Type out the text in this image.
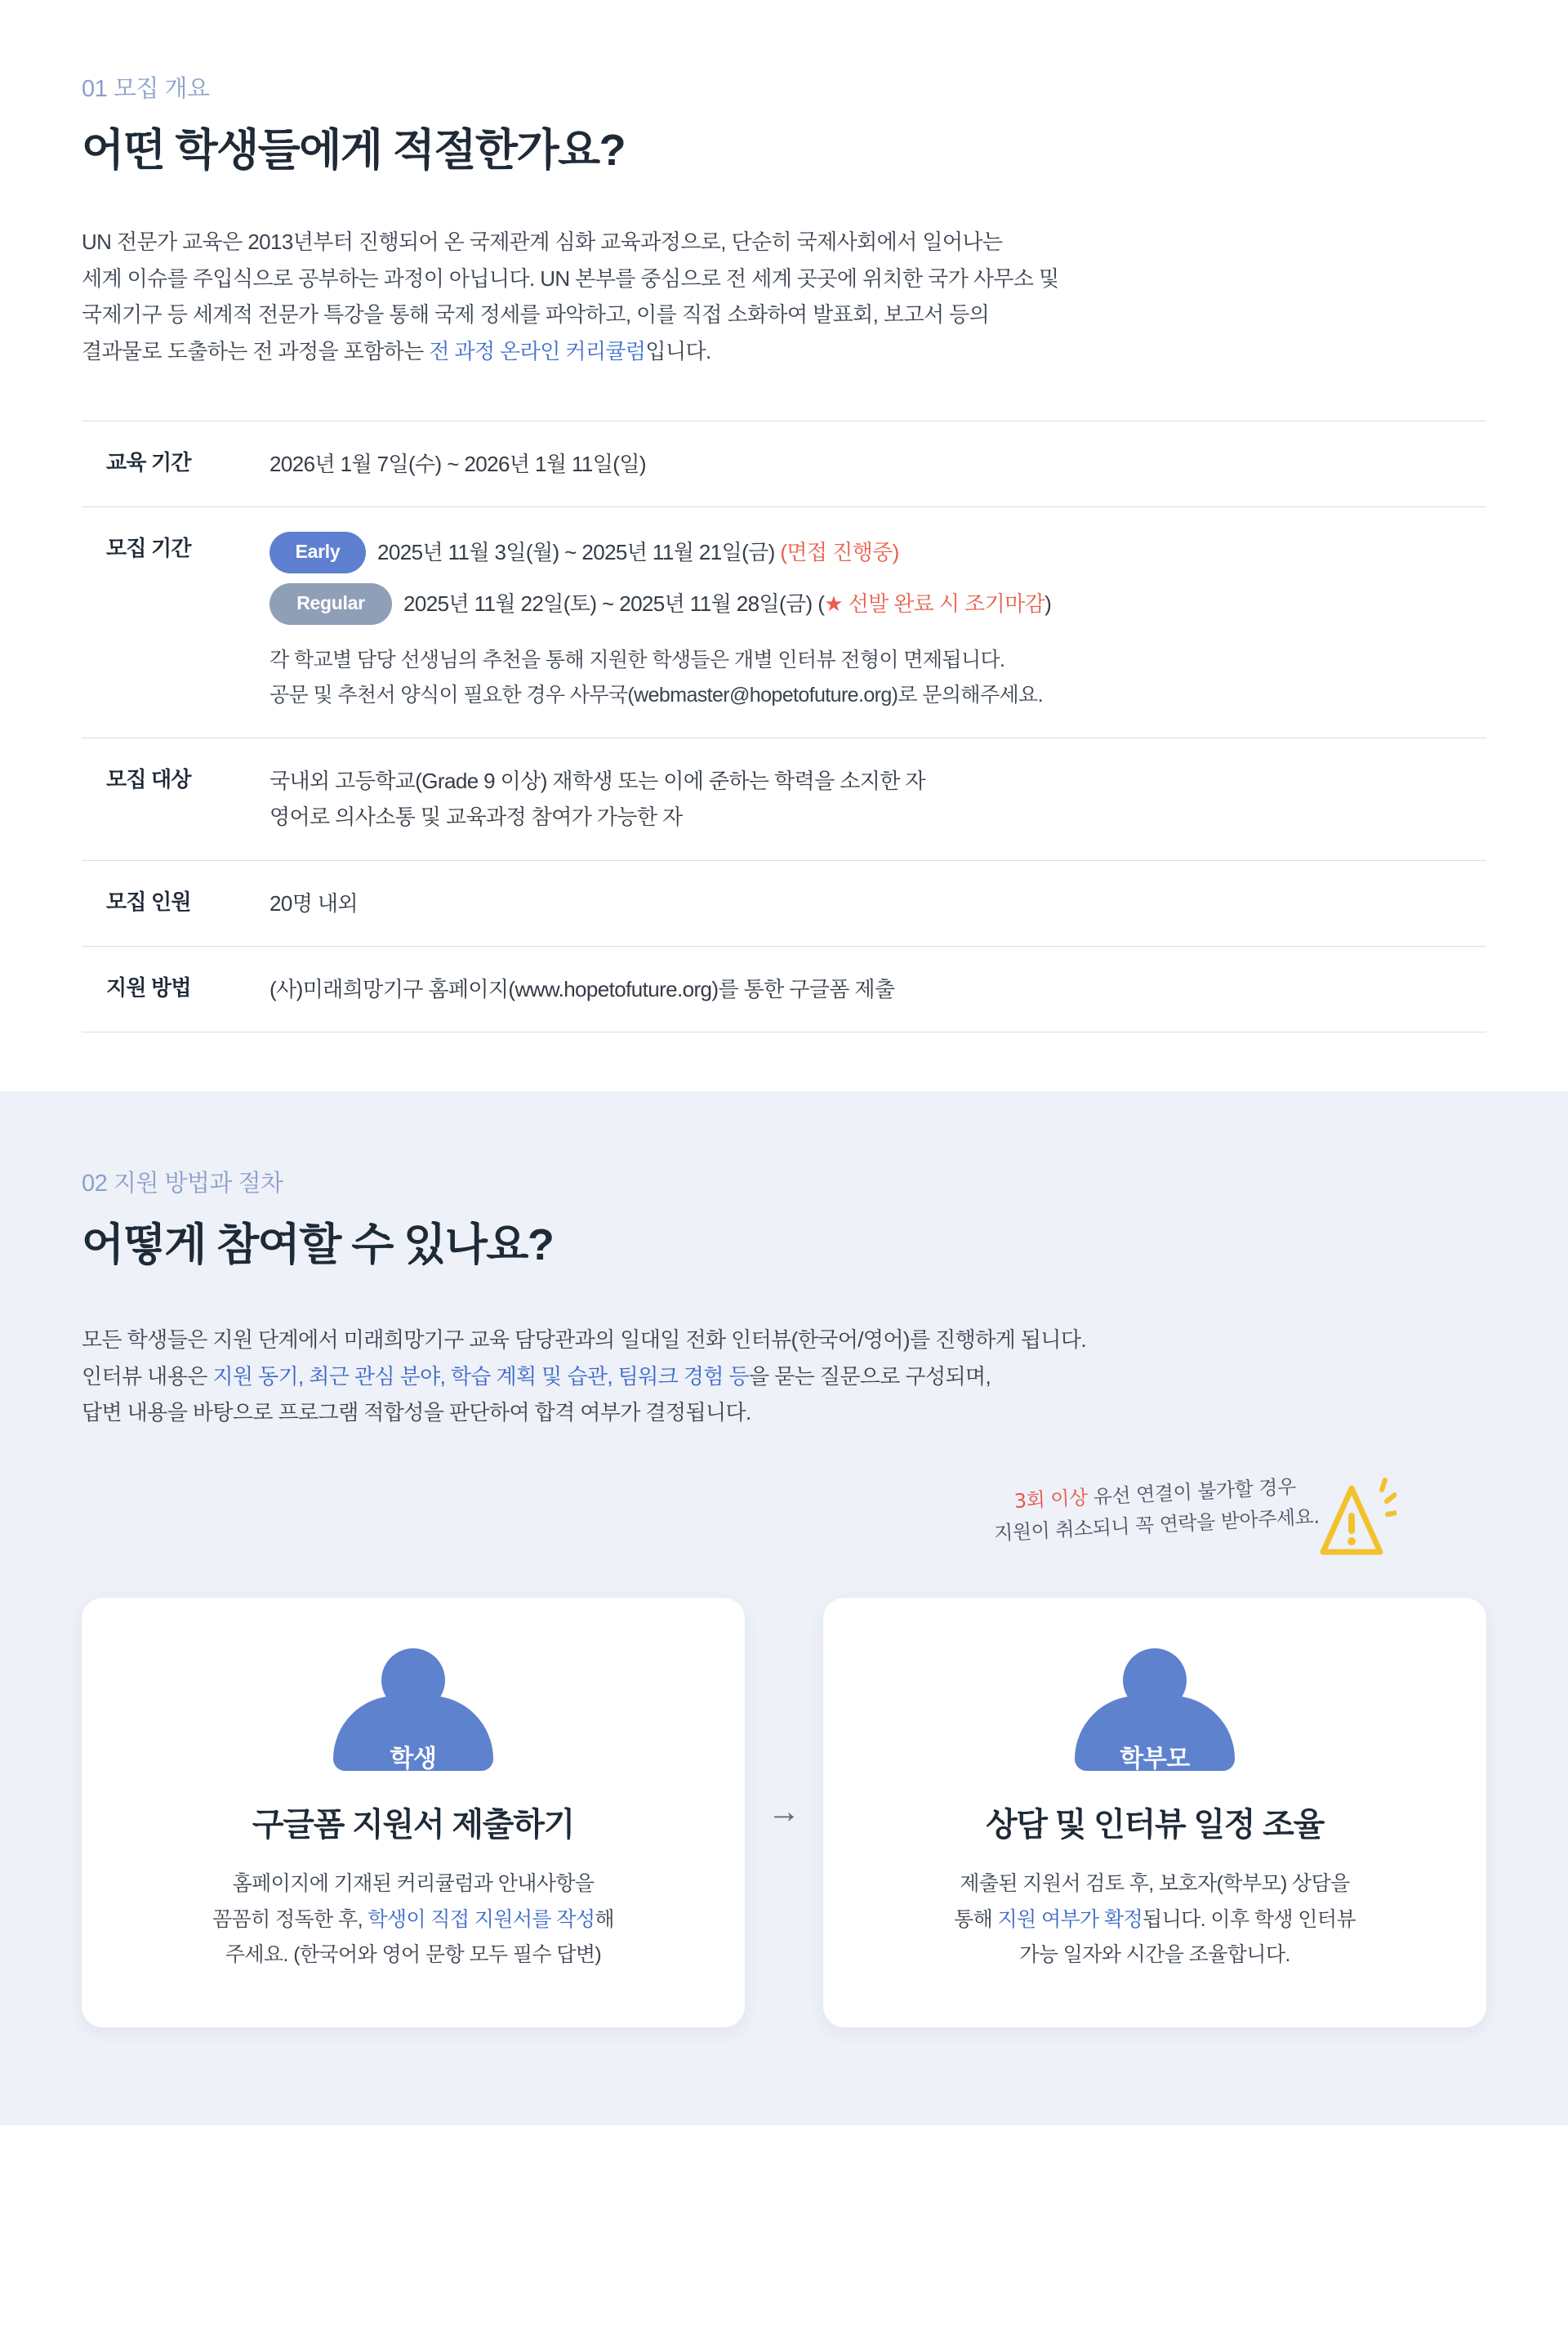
01 모집 개요
어떤 학생들에게 적절한가요?

UN 전문가 교육은 2013년부터 진행되어 온 국제관계 심화 교육과정으로, 단순히 국제사회에서 일어나는
세계 이슈를 주입식으로 공부하는 과정이 아닙니다. UN 본부를 중심으로 전 세계 곳곳에 위치한 국가 사무소 및
국제기구 등 세계적 전문가 특강을 통해 국제 정세를 파악하고, 이를 직접 소화하여 발표회, 보고서 등의
결과물로 도출하는 전 과정을 포함하는 전 과정 온라인 커리큘럼입니다.

교육 기간	2026년 1월 7일(수) ~ 2026년 1월 11일(일)
모집 기간	Early 2025년 11월 3일(월) ~ 2025년 11월 21일(금) (면접 진행중)
Regular 2025년 11월 22일(토) ~ 2025년 11월 28일(금) (★ 선발 완료 시 조기마감)
각 학교별 담당 선생님의 추천을 통해 지원한 학생들은 개별 인터뷰 전형이 면제됩니다.
공문 및 추천서 양식이 필요한 경우 사무국(webmaster@hopetofuture.org)로 문의해주세요.

모집 대상	국내외 고등학교(Grade 9 이상) 재학생 또는 이에 준하는 학력을 소지한 자
영어로 의사소통 및 교육과정 참여가 가능한 자
모집 인원	20명 내외
지원 방법	(사)미래희망기구 홈페이지(www.hopetofuture.org)를 통한 구글폼 제출
02 지원 방법과 절차
어떻게 참여할 수 있나요?

모든 학생들은 지원 단계에서 미래희망기구 교육 담당관과의 일대일 전화 인터뷰(한국어/영어)를 진행하게 됩니다.
인터뷰 내용은 지원 동기, 최근 관심 분야, 학습 계획 및 습관, 팀워크 경험 등을 묻는 질문으로 구성되며,
답변 내용을 바탕으로 프로그램 적합성을 판단하여 합격 여부가 결정됩니다.

3회 이상 유선 연결이 불가할 경우
지원이 취소되니 꼭 연락을 받아주세요.
학생
구글폼 지원서 제출하기
홈페이지에 기재된 커리큘럼과 안내사항을
꼼꼼히 정독한 후, 학생이 직접 지원서를 작성해
주세요. (한국어와 영어 문항 모두 필수 답변)
→
학부모
상담 및 인터뷰 일정 조율
제출된 지원서 검토 후, 보호자(학부모) 상담을
통해 지원 여부가 확정됩니다. 이후 학생 인터뷰
가능 일자와 시간을 조율합니다.
